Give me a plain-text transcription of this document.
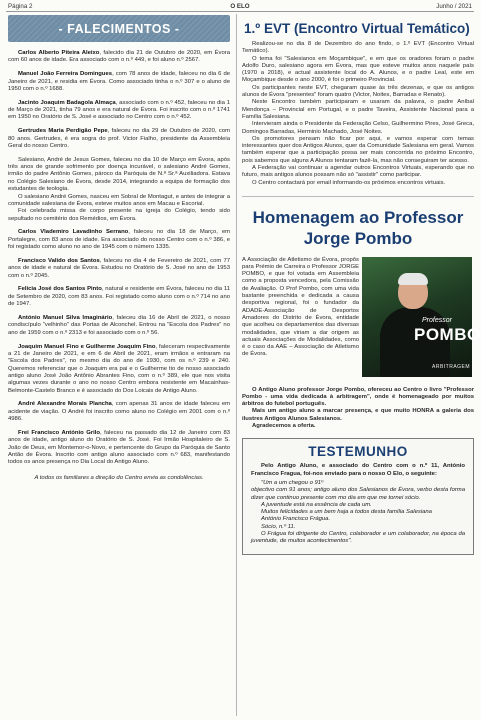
Página 2	O ELO	Junho / 2021
- FALECIMENTOS -

Carlos Alberto Piteira Aleixo, falecido dia 21 de Outubro de 2020, em Évora com 60 anos de idade. Era associado com o n.º 449, e foi aluno n.º 2567.

Manuel João Ferreira Domingues, com 78 anos de idade, faleceu no dia 6 de Janeiro de 2021, e residia em Évora. Como associado tinha o n.º 307 e o aluno de 1950 com o n.º 1688.

Jacinto Joaquim Badagola Almaça, associado com o n.º 452, faleceu no dia 1 de Março de 2021, tinha 79 anos e era natural de Évora. Foi inscrito com o n.º 1741 em 1950 no Oratório de S. José e associado no Centro com o n.º 452.

Gertrudes Maria Perdigão Pepe, faleceu no dia 29 de Outubro de 2020, com 80 anos. Gertrudes, é era sogra do prof. Victor Fialho, presidente da Assembleia Geral do nosso Centro.

Salesiano, André de Jesus Gomes, faleceu no dia 10 de Março em Évora, após três anos de grande sofrimento por doença incurável, o salesiano André Gomes, irmão do padre Antônio Gomes, pároco da Paróquia de N.ª Sr.ª Auxiliadora. Estava no Colégio Salesiano de Évora, desde 2014, integrando a equipa de formação dos estudantes de teologia.

O salesiano André Gomes, nasceu em Sobral de Montagut, e antes de integrar a comunidade salesiana de Évora, esteve muitos anos em Macau e Escorial.

Foi celebrada missa de corpo presente na igreja do Colégio, tendo sido sepultado no cemitério dos Remédios, em Évora.

Carlos Vlademiro Lavadinho Serrano, faleceu no dia 18 de Março, em Portalegre, com 83 anos de idade. Era associado do nosso Centro com o n.º 386, e foi registado como aluno no ano de 1945 com o número 1335.

Francisco Valido dos Santos, faleceu no dia 4 de Fevereiro de 2021, com 77 anos de idade e natural de Évora. Estudou no Oratório de S. José no ano de 1953 com o n.º 2045.

Felícia José dos Santos Pinto, natural e residente em Évora, faleceu no dia 11 de Setembro de 2020, com 83 anos. Foi registado como aluno com o n.º 714 no ano de 1947.

António Manuel Silva Imaginário, faleceu dia 16 de Abril de 2021, o nosso condiscípulo "velhinho" das Portas de Alconchel. Entrou na "Escola dos Padres" no ano de 1959 com o n.º 2313 e foi associado com o n.º 56.

Joaquim Manuel Fino e Guilherme Joaquim Fino, faleceram respectivamente a 21 de Janeiro de 2021, e em 6 de Abril de 2021, eram irmãos e entraram na "Escola dos Padres", no mesmo dia do ano de 1930, com os n.º 239 e 240. Queremos referenciar que o Joaquim era pai e o Guilherme tio de nosso associado antigo aluno José João Antônio Abrantes Fino, com o n.º 389, ele que nos visita algumas vezes durante o ano no nosso Centro embora resistente em Macainhas-Belmonte-Castelo Branco e é associado do Dos Loicais de Antigo Aluno.

André Alexandre Morais Plancha, com apenas 31 anos de idade faleceu em acidente de viação. O André foi inscrito como aluno no Colégio em 2001 com o n.º 4986.

Frei Francisco António Grilo, faleceu na passado dia 12 de Janeiro com 83 anos de idade, antigo aluno do Oratório de S. José. Foi Irmão Hospitaleiro de S. João de Deus, em Montemor-o-Novo, e pertencente do Grupo da Paróquia de Santo Antão de Évora. Inscrito com antigo aluno associado com n.º 683, manifestando todos os anos presença no Dia Local do Antigo Aluno.

A todos os familiares a direção do Centro envia as condolências.

1.º EVT (Encontro Virtual Temático)

Realizou-se no dia 8 de Dezembro do ano findo, o 1.º EVT (Encontro Virtual Temático).

O tema foi "Salesianos em Moçambique", e em que os oradores foram o padre Adolfo Duro, salesiano agora em Évora, mas que esteve muitos anos naquele país (1970 a 2018), e actual assistente local do A. Alunos, e o padre Leal, este em Moçambique desde o ano 2000, é foi o primeiro Provincial.

Os participantes neste EVT, chegaram quase às três dezenas, e que os antigos alunos de Évora "presentes" foram quatro (Victor, Noites, Barradas e Renato).

Neste Encontro também participaram e usaram da palavra, o padre Aníbal Mendonça – Provincial em Portugal, e o padre Taveira, Assistente Nacional para a Família Salesiana.

Intervieram ainda o Presidente da Federação Celso, Guilhermino Pires, José Greca, Domingos Barradas, Herminio Machado, José Noites.

Os promotores pensam não ficar por aqui, e vamos esperar com temas interessantes quer dos Antigos Alunos, quer da Comunidade Salesiana em geral. Vamos também esperar que a participação possa ser mais concorrida no próximo Encontro, pois sabemos que alguns A Alunos tentaram fazê-la, mas não conseguiram ter acesso.

A Federação vai continuar a agendar outros Encontros Virtuais, esperando que no futuro, mais antigos alunos possam não só "assistir" como participar.

O Centro contactará por email informando-os próximos encontros virtuais.

Homenagem ao Professor
Jorge Pombo

A Associação de Atletismo de Évora, propôs para Prémio de Carreira o Professor JORGE POMBO, e que foi votada em Assembleia como a proposta vencedora, pela Comissão de Avaliação. O Prof Pombo, com uma vida bastante preenchida e dedicada a causa desportiva regional, foi o fundador da ADADE-Associação de Desportos Amadores do Distrito de Évora, entidade que acolheu os departamentos das diversas modalidades, que viriam a dar origem as actuais Associações de Modalidades, como é o caso da AAE – Associação de Atletismo de Évora.

Professor
POMBO
ARBITRAGEM

O Antigo Aluno professor Jorge Pombo, ofereceu ao Centro o livro "Professor Pombo - uma vida dedicada à arbitragem", onde é homenageado por muitos árbitros do futebol português.

Mais um antigo aluno a marcar presença, e que muito HONRA a galeria dos ilustres Antigos Alunos Salesianos.

Agradecemos a oferta.

TESTEMUNHO

Pelo Antigo Aluno, e associado do Centro com o n.º 11, António Francisco Fragua, foi-nos enviado para o nosso O Elo, o seguinte:

"Um a um chegou o 91º

objectivo com 91 anos; antigo aluno dos Salesianos de Évora, verbo desta forma dizer que continuo presente com mo dia em que me tornei sócio.

A juventude está na essência de cada um.

Muitos felicidades a um bem haja a todos desta família Salesiana

António Francisco Frágua.

Sócio, n.º 11.

O Frágua foi dirigente do Centro, colaborador e um colaborador, na época da juventude, de muitos acontecimentos".
